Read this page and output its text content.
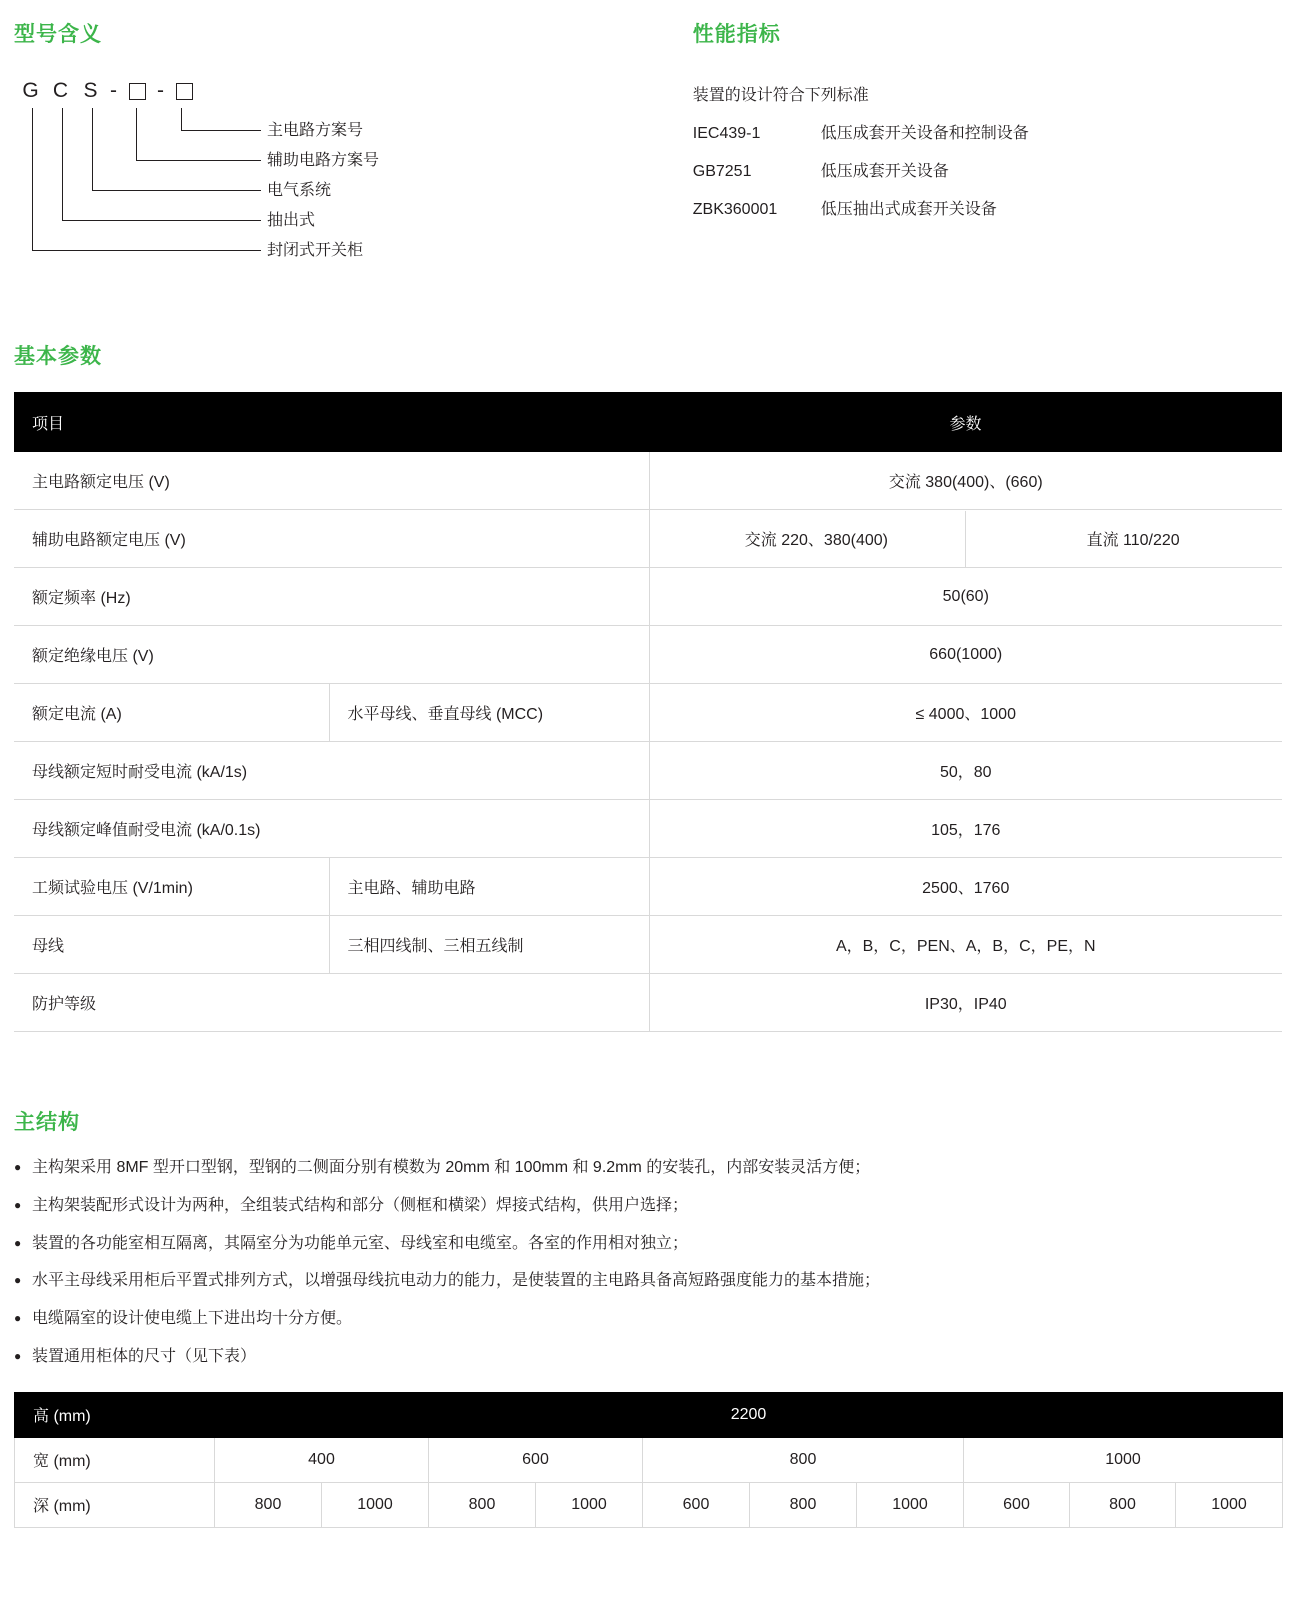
型号含义
G C S - -
主电路方案号
辅助电路方案号
电气系统
抽出式
封闭式开关柜
性能指标
装置的设计符合下列标准
IEC439-1	低压成套开关设备和控制设备
GB7251	低压成套开关设备
ZBK360001	低压抽出式成套开关设备
基本参数
项目	参数
主电路额定电压 (V)	交流 380(400)、(660)
辅助电路额定电压 (V)		交流 220、380(400)	直流 110/220

额定频率 (Hz)	50(60)
额定绝缘电压 (V)	660(1000)
额定电流 (A)	水平母线、垂直母线 (MCC)	≤ 4000、1000
母线额定短时耐受电流 (kA/1s)	50，80
母线额定峰值耐受电流 (kA/0.1s)	105，176
工频试验电压 (V/1min)	主电路、辅助电路	2500、1760
母线	三相四线制、三相五线制	A，B，C，PEN、A，B，C，PE，N
防护等级	IP30，IP40
主结构
● 主构架采用 8MF 型开口型钢，型钢的二侧面分别有模数为 20mm 和 100mm 和 9.2mm 的安装孔，内部安装灵活方便；
● 主构架装配形式设计为两种，全组装式结构和部分（侧框和横梁）焊接式结构，供用户选择；
● 装置的各功能室相互隔离，其隔室分为功能单元室、母线室和电缆室。各室的作用相对独立；
● 水平主母线采用柜后平置式排列方式，以增强母线抗电动力的能力，是使装置的主电路具备高短路强度能力的基本措施；
● 电缆隔室的设计使电缆上下进出均十分方便。
● 装置通用柜体的尺寸（见下表）
高 (mm)	2200									
宽 (mm)	400		600		800			1000		
深 (mm)	800	1000	800	1000	600	800	1000	600	800	1000
